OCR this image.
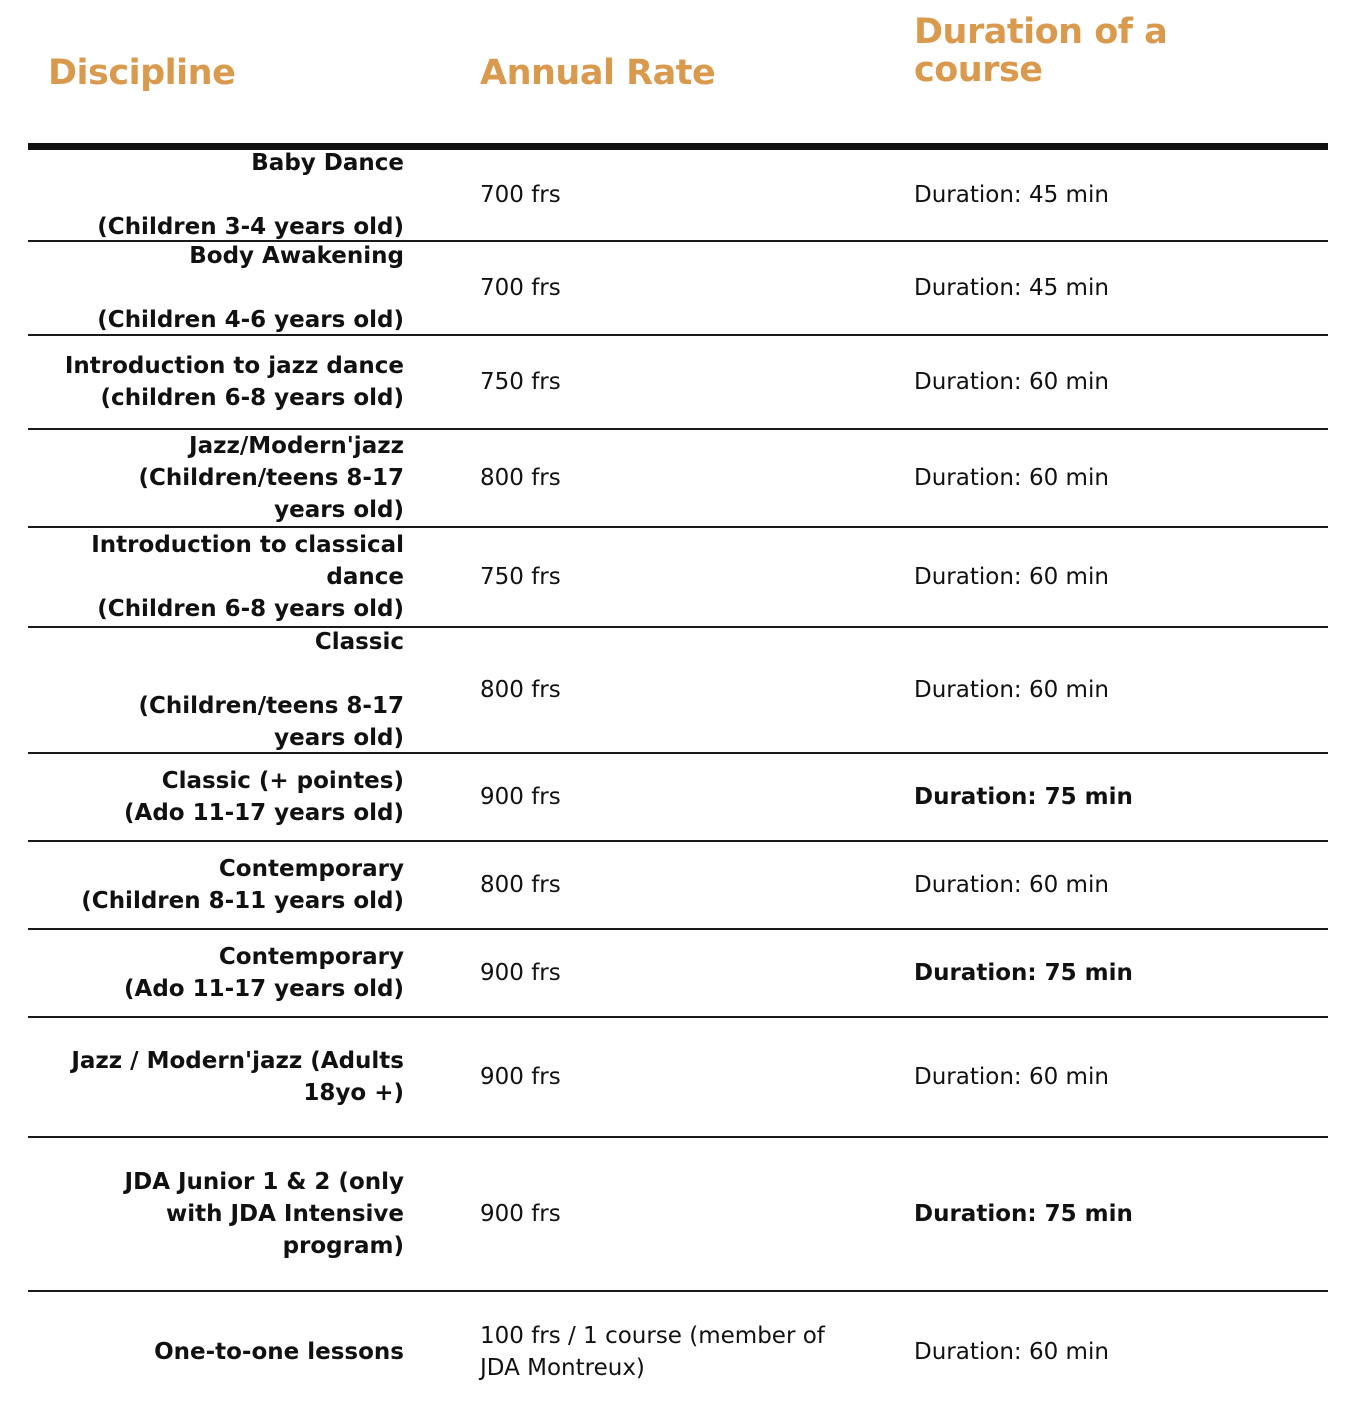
Discipline	Annual Rate
Duration of a course
Baby Dance
(Children 3-4 years old)
700 frs	Duration: 45 min
Body Awakening
(Children 4-6 years old)
700 frs	Duration: 45 min
Introduction to jazz dance
(children 6-8 years old)
750 frs	Duration: 60 min
Jazz/Modern'jazz
(Children/teens 8-17
years old)
800 frs	Duration: 60 min
Introduction to classical
dance
(Children 6-8 years old)
750 frs	Duration: 60 min
Classic
(Children/teens 8-17
years old)
800 frs	Duration: 60 min
Classic (+ pointes)
(Ado 11-17 years old)
900 frs	Duration: 75 min
Contemporary
(Children 8-11 years old)
800 frs	Duration: 60 min
Contemporary
(Ado 11-17 years old)
900 frs	Duration: 75 min
Jazz / Modern'jazz (Adults
18yo +)
900 frs	Duration: 60 min
JDA Junior 1 & 2 (only
with JDA Intensive
program)
900 frs	Duration: 75 min
One-to-one lessons
100 frs / 1 course (member of JDA Montreux)
Duration: 60 min
